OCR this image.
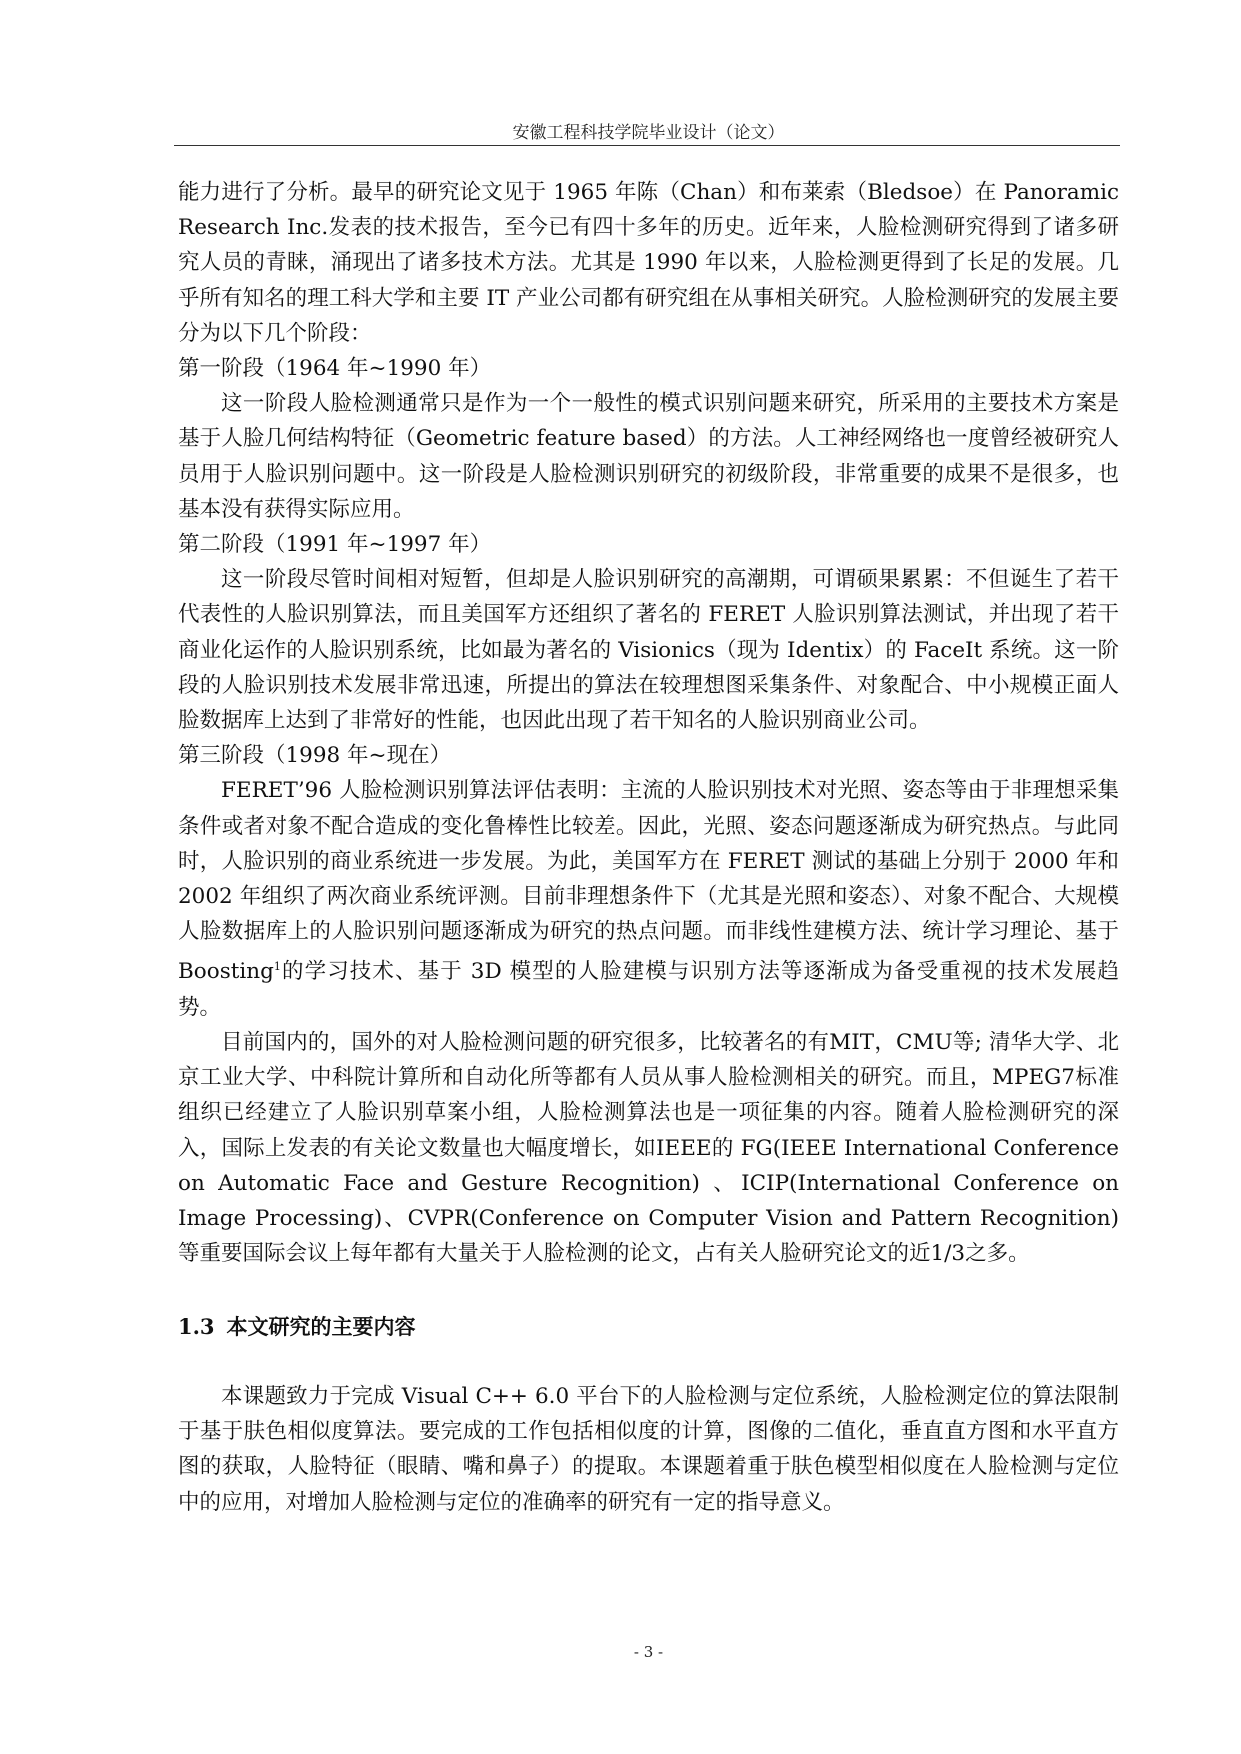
安徽工程科技学院毕业设计（论文）

能力进行了分析。最早的研究论文见于 1965 年陈（Chan）和布莱索（Bledsoe）在 Panoramic Research Inc.发表的技术报告，至今已有四十多年的历史。近年来，人脸检测研究得到了诸多研究人员的青睐，涌现出了诸多技术方法。尤其是 1990 年以来，人脸检测更得到了长足的发展。几乎所有知名的理工科大学和主要 IT 产业公司都有研究组在从事相关研究。人脸检测研究的发展主要分为以下几个阶段：

第一阶段（1964 年~1990 年）

这一阶段人脸检测通常只是作为一个一般性的模式识别问题来研究，所采用的主要技术方案是基于人脸几何结构特征（Geometric feature based）的方法。人工神经网络也一度曾经被研究人员用于人脸识别问题中。这一阶段是人脸检测识别研究的初级阶段，非常重要的成果不是很多，也基本没有获得实际应用。

第二阶段（1991 年~1997 年）

这一阶段尽管时间相对短暂，但却是人脸识别研究的高潮期，可谓硕果累累：不但诞生了若干代表性的人脸识别算法，而且美国军方还组织了著名的 FERET 人脸识别算法测试，并出现了若干商业化运作的人脸识别系统，比如最为著名的 Visionics（现为 Identix）的 FaceIt 系统。这一阶段的人脸识别技术发展非常迅速，所提出的算法在较理想图采集条件、对象配合、中小规模正面人脸数据库上达到了非常好的性能，也因此出现了若干知名的人脸识别商业公司。

第三阶段（1998 年~现在）

FERET’96 人脸检测识别算法评估表明：主流的人脸识别技术对光照、姿态等由于非理想采集条件或者对象不配合造成的变化鲁棒性比较差。因此，光照、姿态问题逐渐成为研究热点。与此同时，人脸识别的商业系统进一步发展。为此，美国军方在 FERET 测试的基础上分别于 2000 年和 2002 年组织了两次商业系统评测。目前非理想条件下（尤其是光照和姿态）、对象不配合、大规模人脸数据库上的人脸识别问题逐渐成为研究的热点问题。而非线性建模方法、统计学习理论、基于 Boosting$^1$的学习技术、基于 3D 模型的人脸建模与识别方法等逐渐成为备受重视的技术发展趋势。

目前国内的，国外的对人脸检测问题的研究很多，比较著名的有MIT，CMU等; 清华大学、北京工业大学、中科院计算所和自动化所等都有人员从事人脸检测相关的研究。而且，MPEG7标准组织已经建立了人脸识别草案小组，人脸检测算法也是一项征集的内容。随着人脸检测研究的深入，国际上发表的有关论文数量也大幅度增长，如IEEE的 FG(IEEE International Conference on Automatic Face and Gesture Recognition) 、ICIP(International Conference on Image Processing)、CVPR(Conference on Computer Vision and Pattern Recognition)等重要国际会议上每年都有大量关于人脸检测的论文，占有关人脸研究论文的近1/3之多。

1.3 本文研究的主要内容

本课题致力于完成 Visual C++ 6.0 平台下的人脸检测与定位系统，人脸检测定位的算法限制于基于肤色相似度算法。要完成的工作包括相似度的计算，图像的二值化，垂直直方图和水平直方图的获取，人脸特征（眼睛、嘴和鼻子）的提取。本课题着重于肤色模型相似度在人脸检测与定位中的应用，对增加人脸检测与定位的准确率的研究有一定的指导意义。

- 3 -
